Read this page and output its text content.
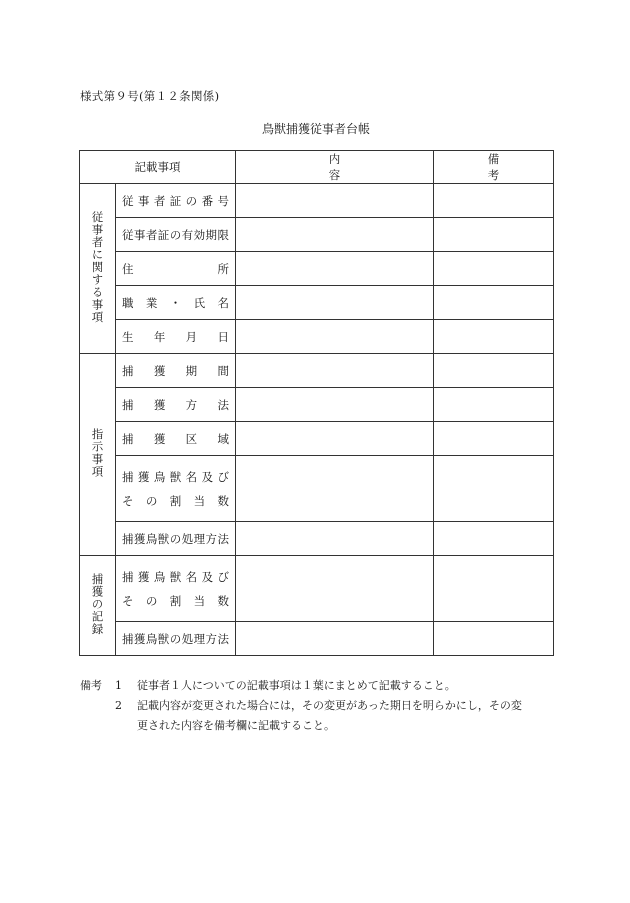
様式第９号(第１２条関係)
鳥獣捕獲従事者台帳
記載事項		内容	備考
従事者に関する事項	従事者証の番号		

	従事者証の有効期限		

	住所		

	職業・氏名		

	生年月日		

指示事項	捕獲期間		

	捕獲方法		

	捕獲区域		

	捕獲鳥獣名及び
その割当数		

	捕獲鳥獣の処理方法		

捕獲の記録	捕獲鳥獣名及び
その割当数		

	捕獲鳥獣の処理方法		

備考 1 従事者１人についての記載事項は１葉にまとめて記載すること。
2 記載内容が変更された場合には，その変更があった期日を明らかにし，その変
更された内容を備考欄に記載すること。
